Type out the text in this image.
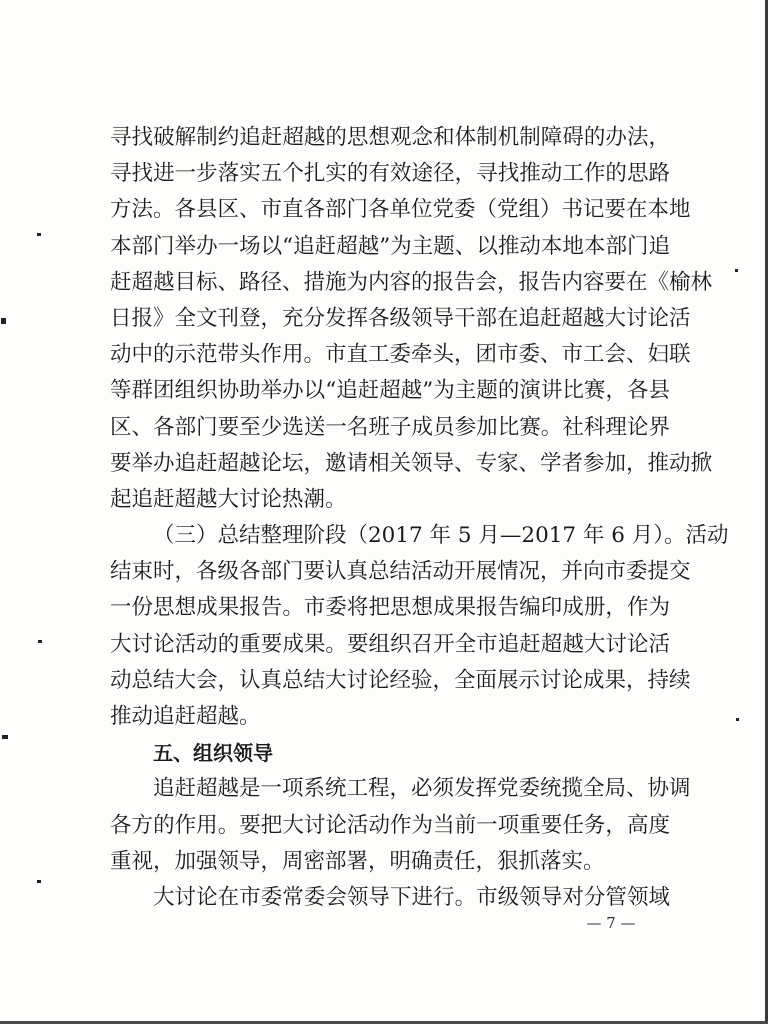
寻找破解制约追赶超越的思想观念和体制机制障碍的办法，
寻找进一步落实五个扎实的有效途径，寻找推动工作的思路
方法。各县区、市直各部门各单位党委（党组）书记要在本地
本部门举办一场以“追赶超越”为主题、以推动本地本部门追
赶超越目标、路径、措施为内容的报告会，报告内容要在《榆林
日报》全文刊登，充分发挥各级领导干部在追赶超越大讨论活
动中的示范带头作用。市直工委牵头，团市委、市工会、妇联
等群团组织协助举办以“追赶超越”为主题的演讲比赛，各县
区、各部门要至少选送一名班子成员参加比赛。社科理论界
要举办追赶超越论坛，邀请相关领导、专家、学者参加，推动掀
起追赶超越大讨论热潮。
（三）总结整理阶段（2017 年 5 月—2017 年 6 月）。活动
结束时，各级各部门要认真总结活动开展情况，并向市委提交
一份思想成果报告。市委将把思想成果报告编印成册，作为
大讨论活动的重要成果。要组织召开全市追赶超越大讨论活
动总结大会，认真总结大讨论经验，全面展示讨论成果，持续
推动追赶超越。
五、组织领导
追赶超越是一项系统工程，必须发挥党委统揽全局、协调
各方的作用。要把大讨论活动作为当前一项重要任务，高度
重视，加强领导，周密部署，明确责任，狠抓落实。
大讨论在市委常委会领导下进行。市级领导对分管领域
— 7 —
